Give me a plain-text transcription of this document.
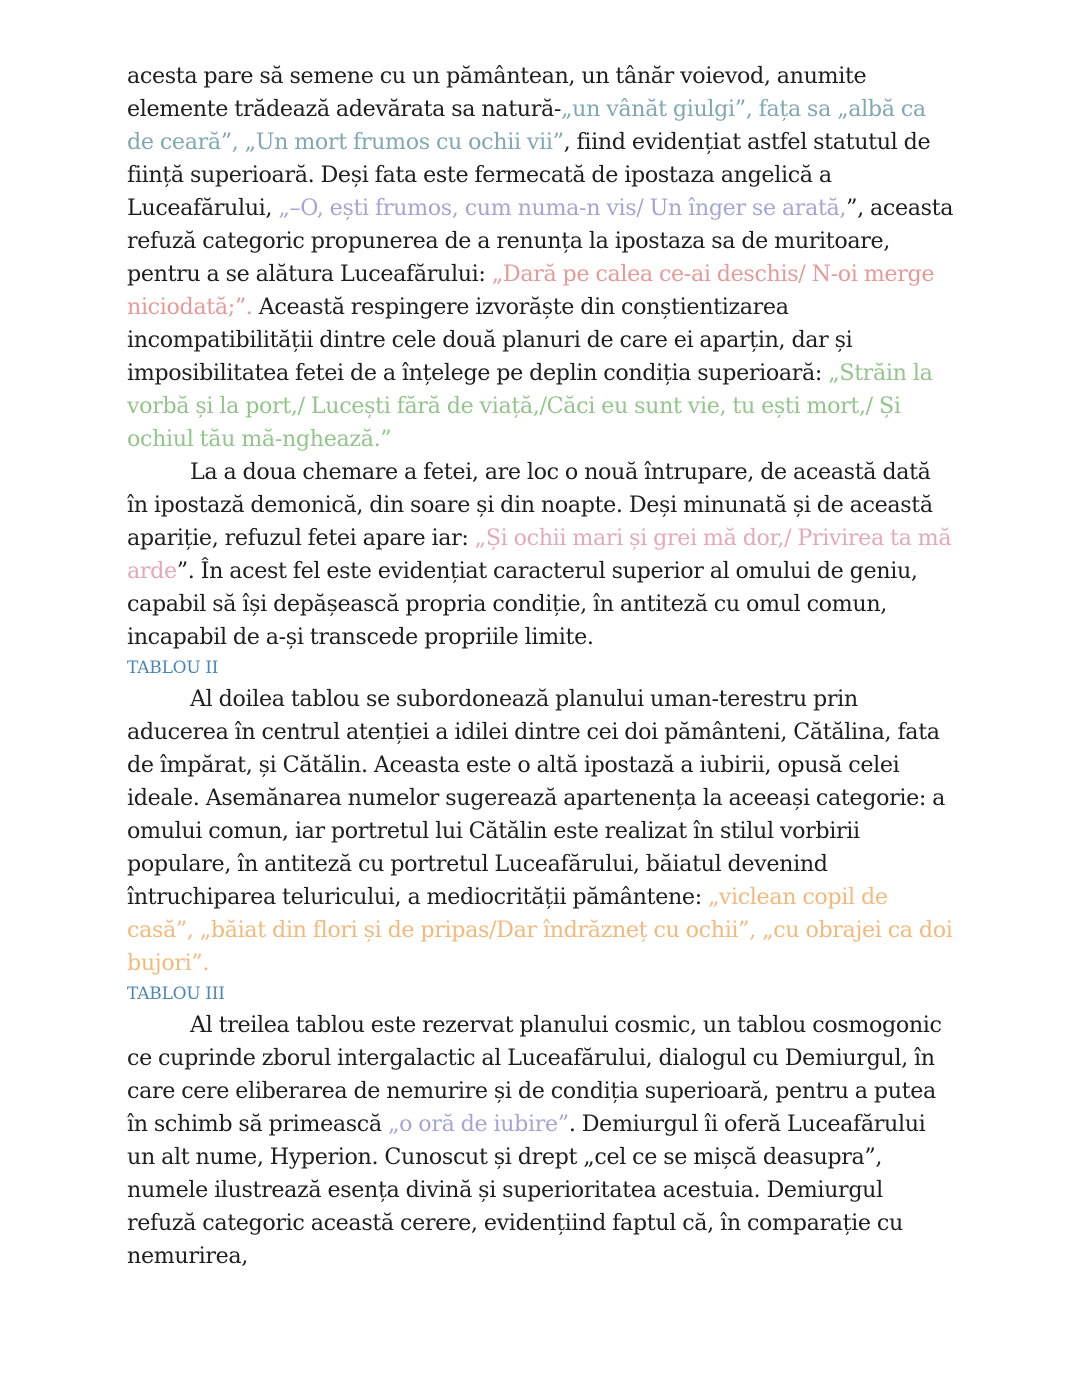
acesta pare să semene cu un pământean, un tânăr voievod, anumite elemente trădează adevărata sa natură-„un vânăt giulgi”, fața sa „albă ca de ceară”, „Un mort frumos cu ochii vii”, fiind evidențiat astfel statutul de ființă superioară. Deși fata este fermecată de ipostaza angelică a Luceafărului, „–O, ești frumos, cum numa-n vis/ Un înger se arată,”, aceasta refuză categoric propunerea de a renunța la ipostaza sa de muritoare, pentru a se alătura Luceafărului: „Dară pe calea ce-ai deschis/ N-oi merge niciodată;”. Această respingere izvorăște din conștientizarea incompatibilității dintre cele două planuri de care ei aparțin, dar și imposibilitatea fetei de a înțelege pe deplin condiția superioară: „Străin la vorbă și la port,/ Lucești fără de viață,/Căci eu sunt vie, tu ești mort,/ Și ochiul tău mă-nghează.”

La a doua chemare a fetei, are loc o nouă întrupare, de această dată în ipostază demonică, din soare și din noapte. Deși minunată și de această apariție, refuzul fetei apare iar: „Și ochii mari și grei mă dor,/ Privirea ta mă arde”. În acest fel este evidențiat caracterul superior al omului de geniu, capabil să își depășească propria condiție, în antiteză cu omul comun, incapabil de a-și transcede propriile limite.

TABLOU II

Al doilea tablou se subordonează planului uman-terestru prin aducerea în centrul atenției a idilei dintre cei doi pământeni, Cătălina, fata de împărat, și Cătălin. Aceasta este o altă ipostază a iubirii, opusă celei ideale. Asemănarea numelor sugerează apartenența la aceeași categorie: a omului comun, iar portretul lui Cătălin este realizat în stilul vorbirii populare, în antiteză cu portretul Luceafărului, băiatul devenind întruchiparea teluricului, a mediocrității pământene: „viclean copil de casă”, „băiat din flori și de pripas/Dar îndrăzneț cu ochii”, „cu obrajei ca doi bujori”.

TABLOU III

Al treilea tablou este rezervat planului cosmic, un tablou cosmogonic ce cuprinde zborul intergalactic al Luceafărului, dialogul cu Demiurgul, în care cere eliberarea de nemurire și de condiția superioară, pentru a putea în schimb să primească „o oră de iubire”. Demiurgul îi oferă Luceafărului un alt nume, Hyperion. Cunoscut și drept „cel ce se mișcă deasupra”, numele ilustrează esența divină și superioritatea acestuia. Demiurgul refuză categoric această cerere, evidențiind faptul că, în comparație cu nemurirea,
